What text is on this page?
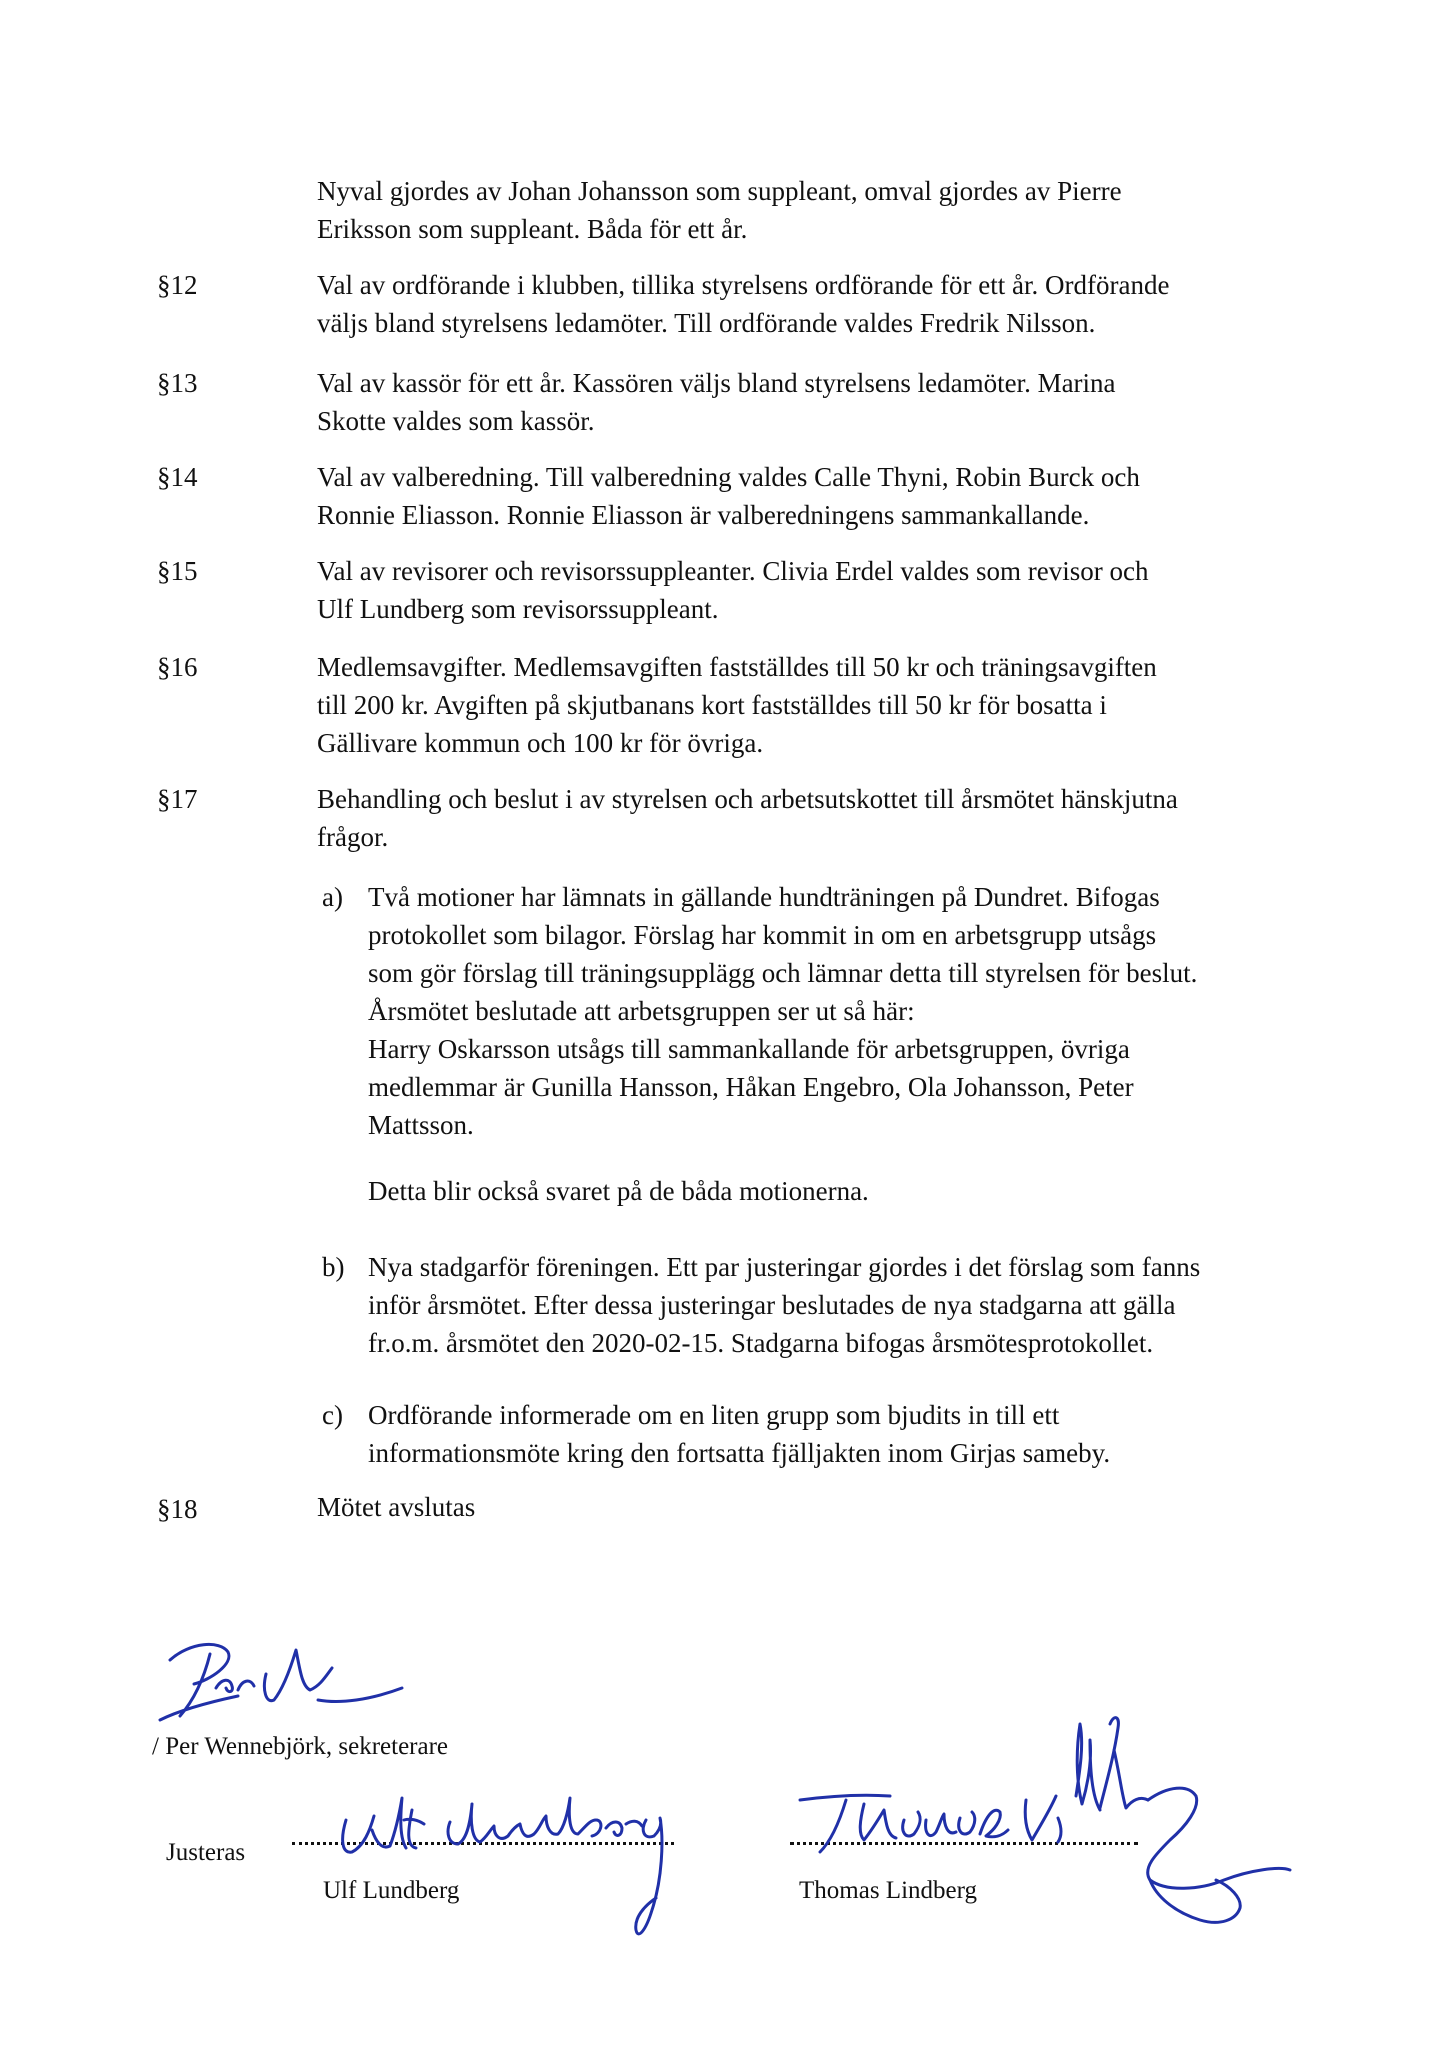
Nyval gjordes av Johan Johansson som suppleant, omval gjordes av Pierre
Eriksson som suppleant. Båda för ett år.
§12	Val av ordförande i klubben, tillika styrelsens ordförande för ett år. Ordförande
väljs bland styrelsens ledamöter. Till ordförande valdes Fredrik Nilsson.
§13	Val av kassör för ett år. Kassören väljs bland styrelsens ledamöter. Marina
Skotte valdes som kassör.
§14	Val av valberedning. Till valberedning valdes Calle Thyni, Robin Burck och
Ronnie Eliasson. Ronnie Eliasson är valberedningens sammankallande.
§15	Val av revisorer och revisorssuppleanter. Clivia Erdel valdes som revisor och
Ulf Lundberg som revisorssuppleant.
§16	Medlemsavgifter. Medlemsavgiften fastställdes till 50 kr och träningsavgiften
till 200 kr. Avgiften på skjutbanans kort fastställdes till 50 kr för bosatta i
Gällivare kommun och 100 kr för övriga.
§17	Behandling och beslut i av styrelsen och arbetsutskottet till årsmötet hänskjutna
frågor.
a) Två motioner har lämnats in gällande hundträningen på Dundret. Bifogas
protokollet som bilagor. Förslag har kommit in om en arbetsgrupp utsågs
som gör förslag till träningsupplägg och lämnar detta till styrelsen för beslut.
Årsmötet beslutade att arbetsgruppen ser ut så här:
Harry Oskarsson utsågs till sammankallande för arbetsgruppen, övriga
medlemmar är Gunilla Hansson, Håkan Engebro, Ola Johansson, Peter
Mattsson.
Detta blir också svaret på de båda motionerna.
b) Nya stadgarför föreningen. Ett par justeringar gjordes i det förslag som fanns
inför årsmötet. Efter dessa justeringar beslutades de nya stadgarna att gälla
fr.o.m. årsmötet den 2020-02-15. Stadgarna bifogas årsmötesprotokollet.
c) Ordförande informerade om en liten grupp som bjudits in till ett
informationsmöte kring den fortsatta fjälljakten inom Girjas sameby.
§18	Mötet avslutas
/ Per Wennebjörk, sekreterare
Justeras
Ulf Lundberg	Thomas Lindberg
